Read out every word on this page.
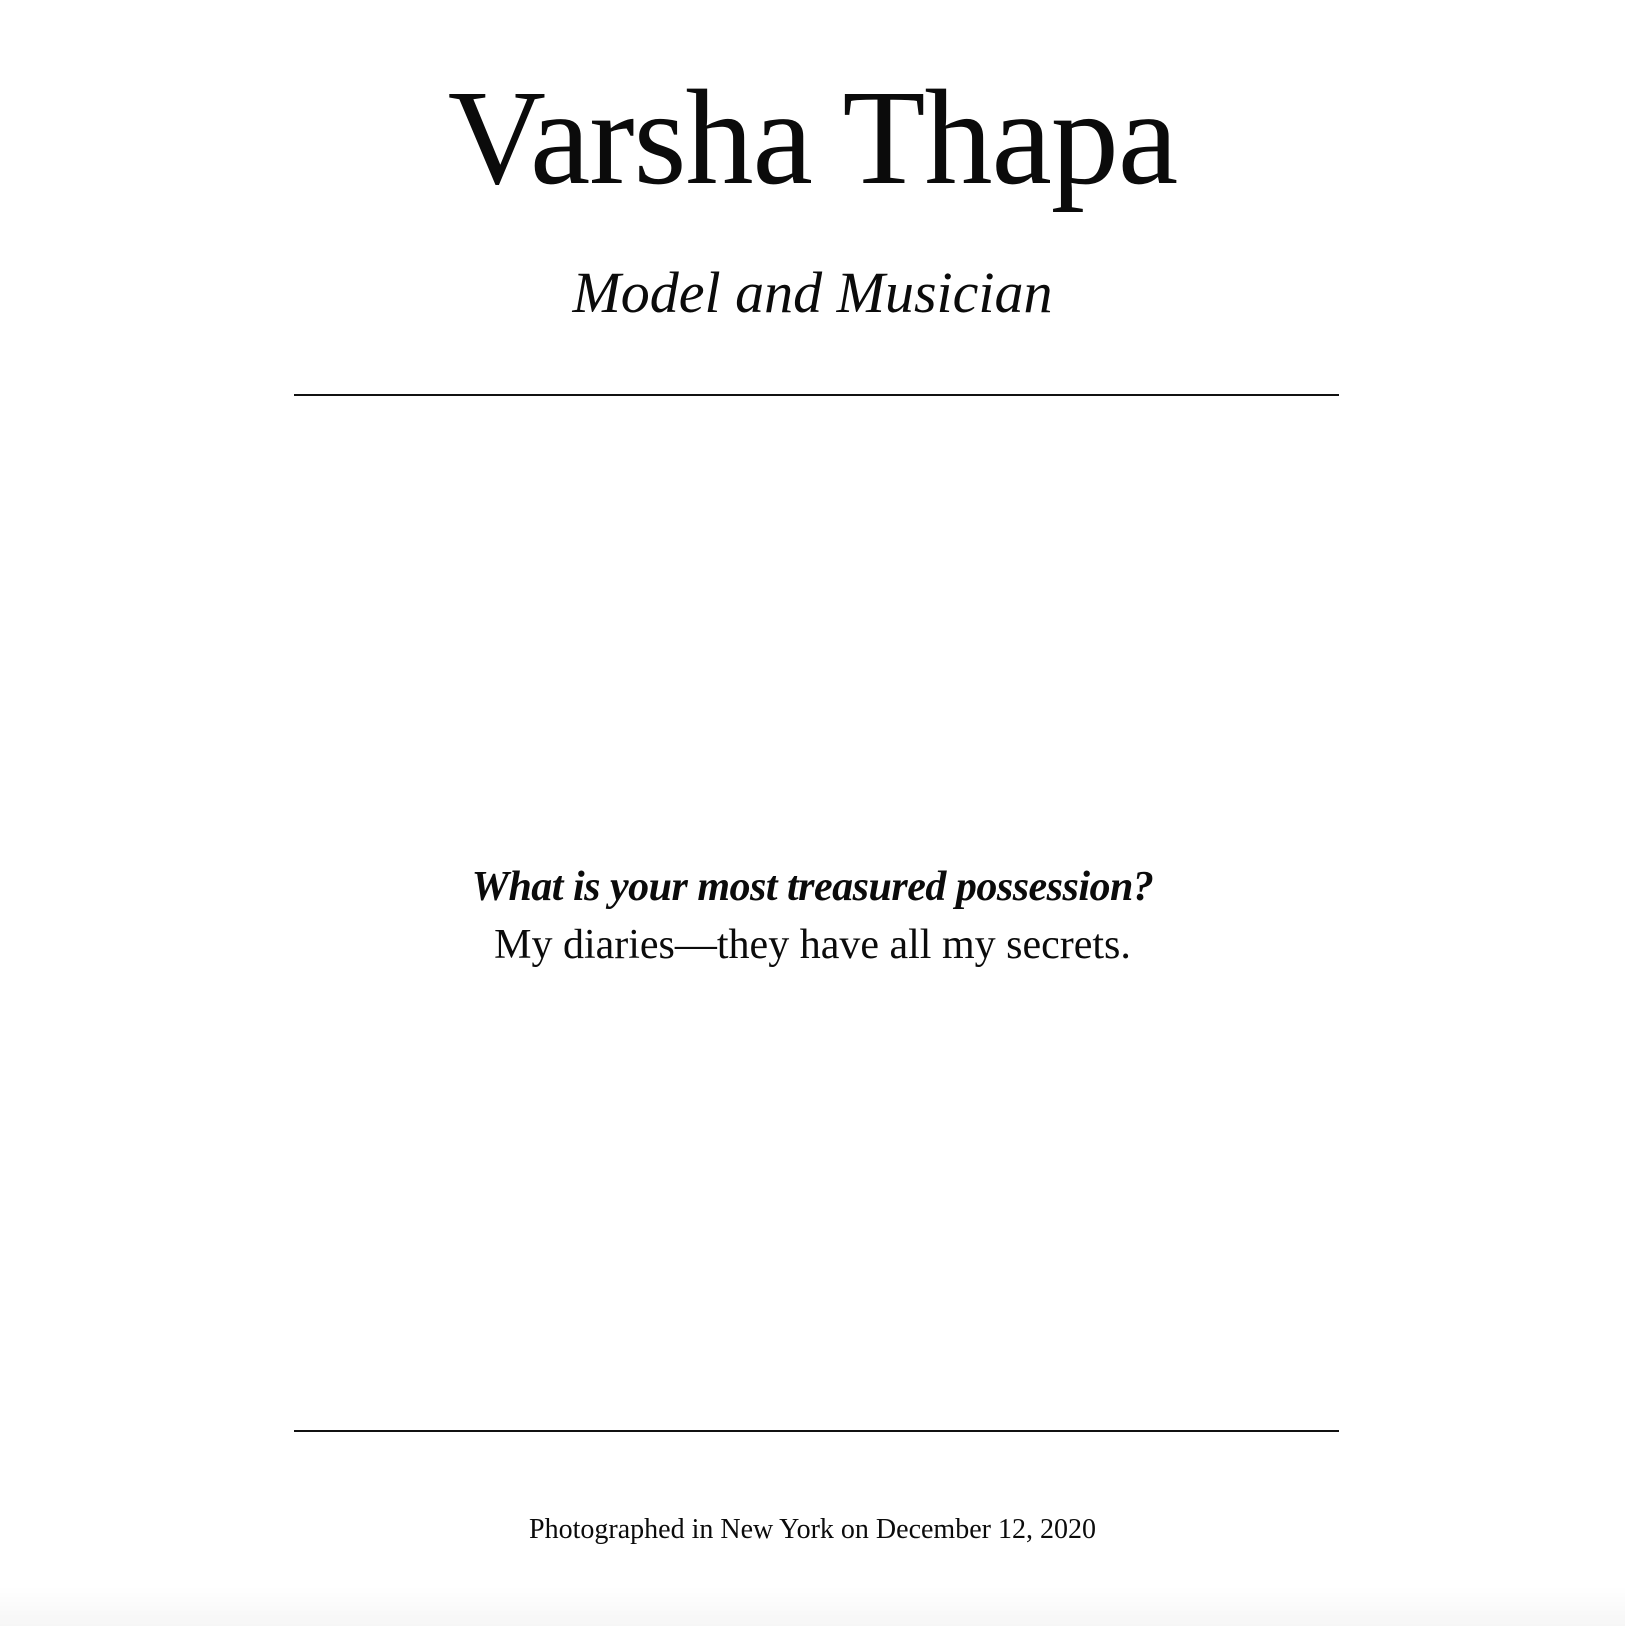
Varsha Thapa

Model and Musician

What is your most treasured possession?

My diaries—they have all my secrets.

Photographed in New York on December 12, 2020
